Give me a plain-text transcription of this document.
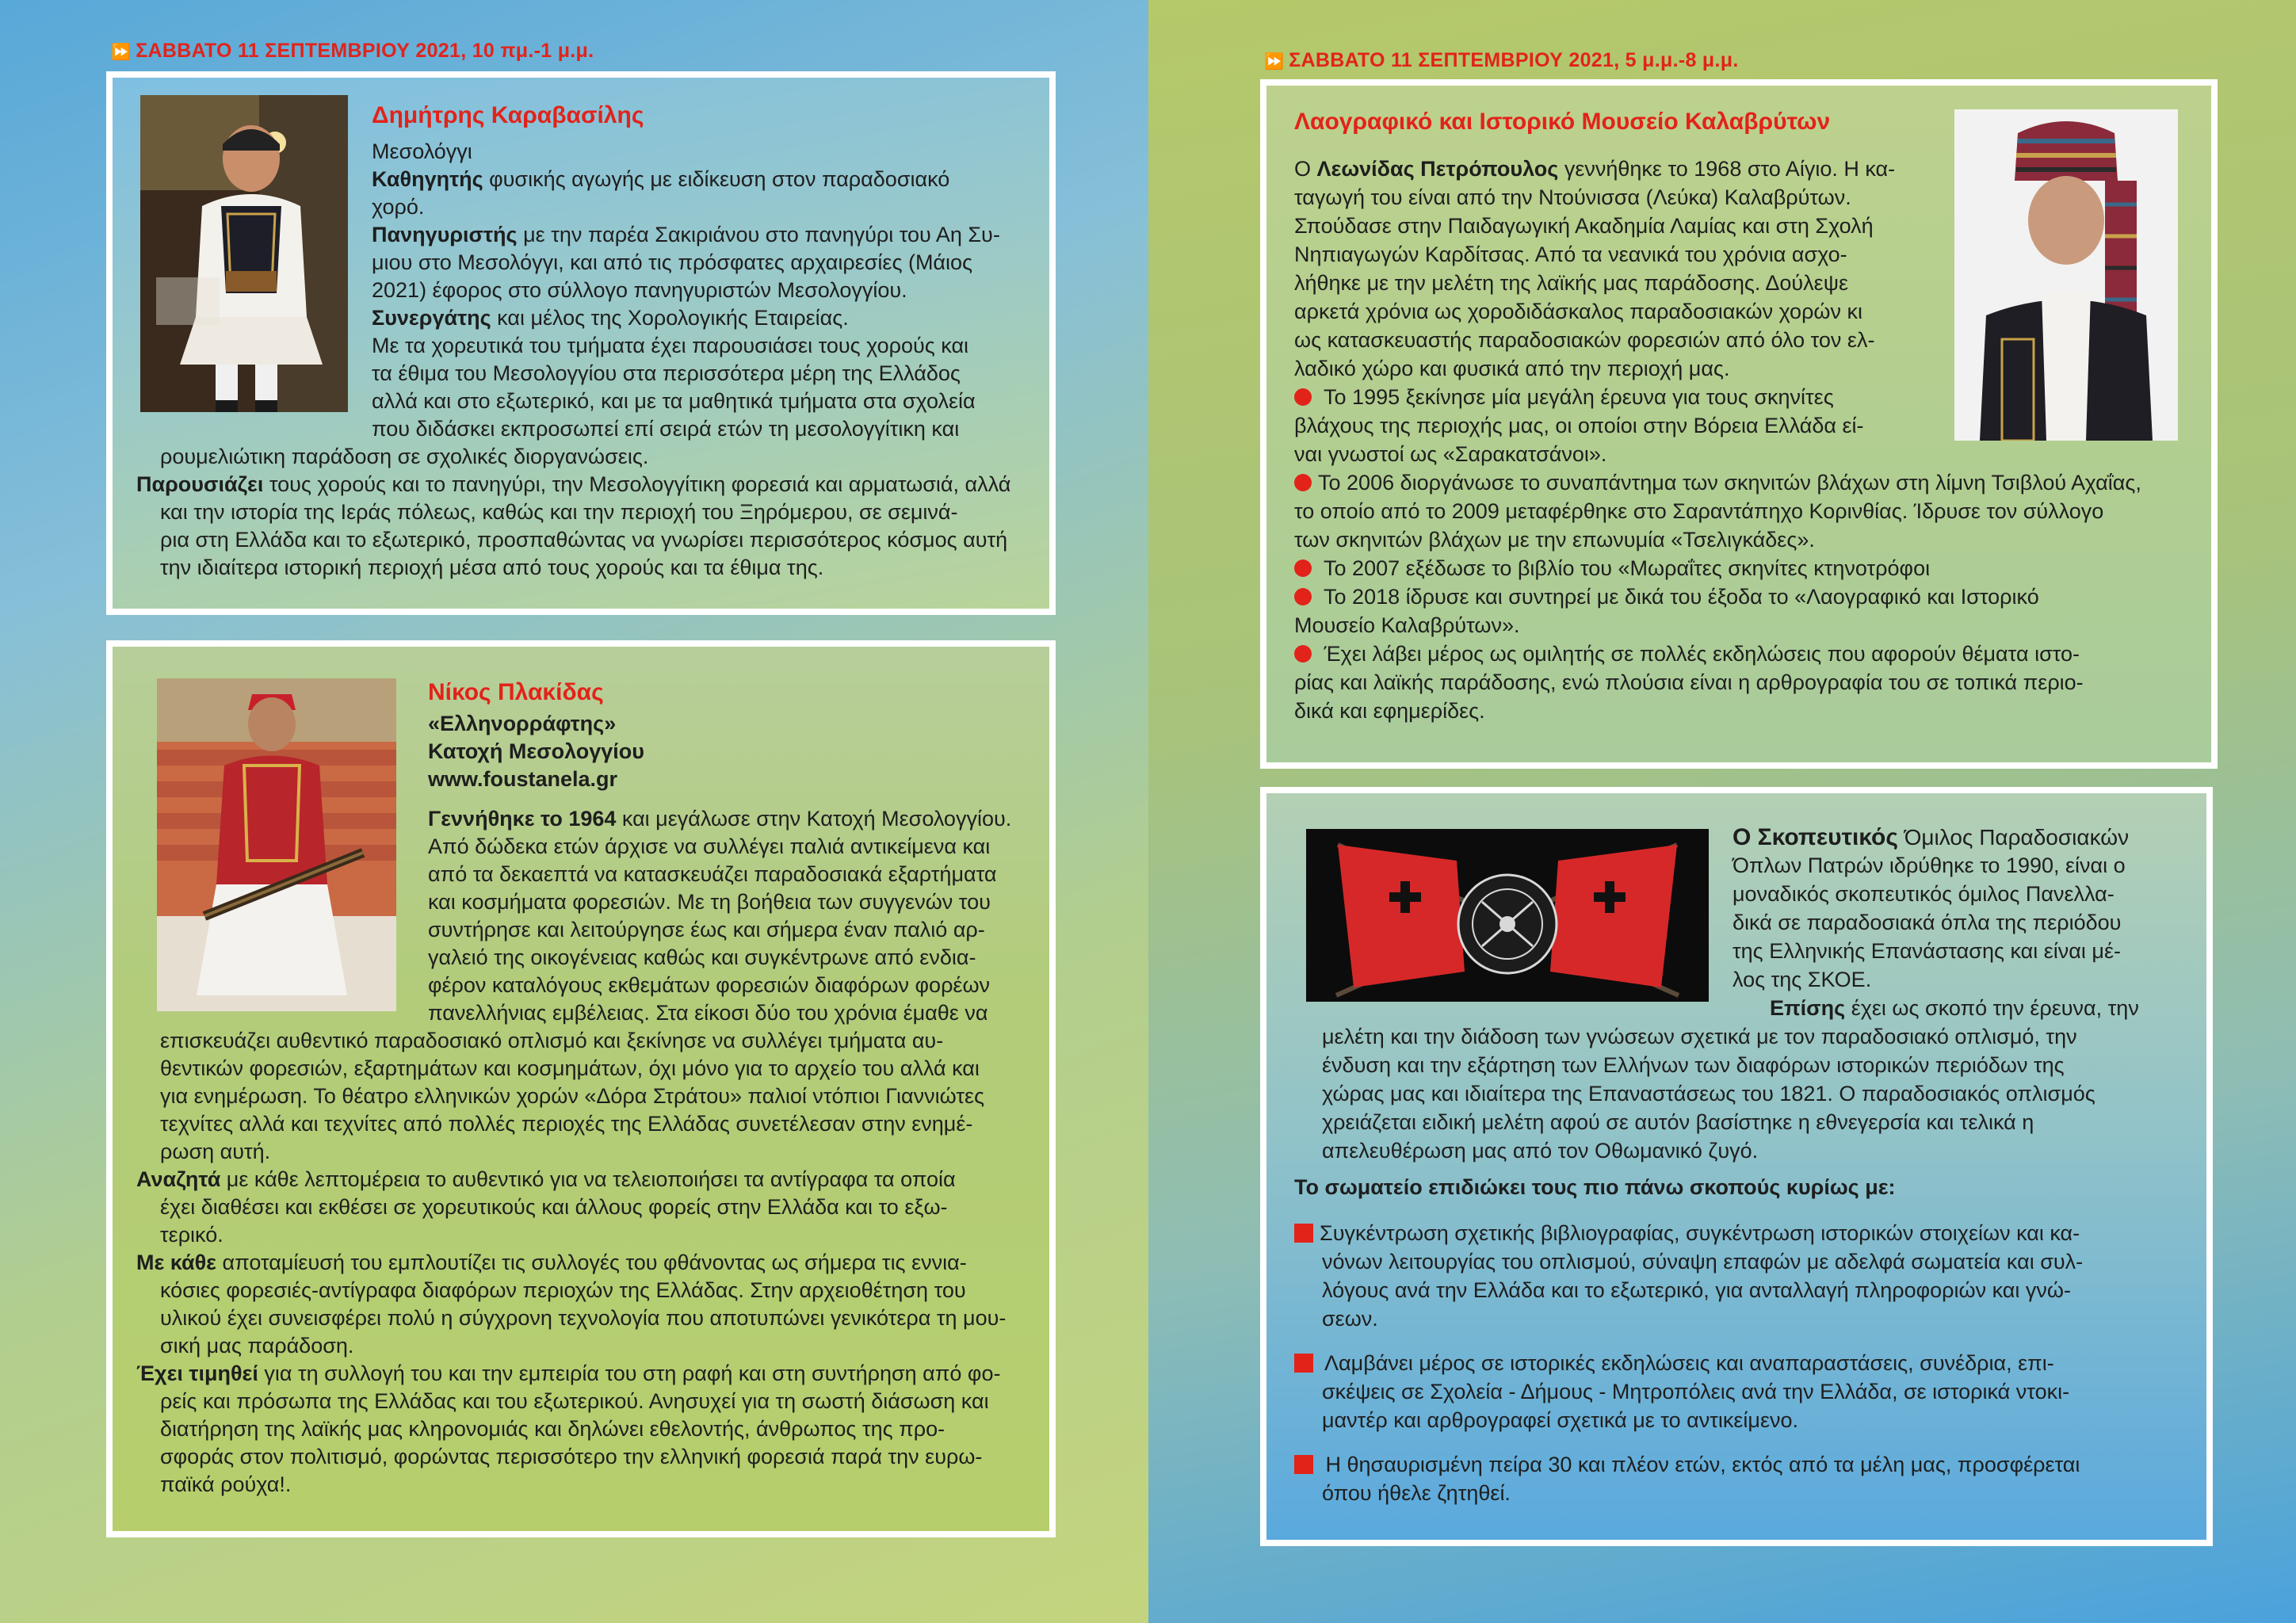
⏩ ΣΑΒΒΑΤΟ 11 ΣΕΠΤΕΜΒΡΙΟΥ 2021, 10 πμ.-1 μ.μ.	⏩ ΣΑΒΒΑΤΟ 11 ΣΕΠΤΕΜΒΡΙΟΥ 2021, 5 μ.μ.-8 μ.μ.
Δημήτρης Καραβασίλης
Μεσολόγγι
Καθηγητής φυσικής αγωγής με ειδίκευση στον παραδοσιακό
χορό.
Πανηγυριστής με την παρέα Σακιριάνου στο πανηγύρι του Αη Συ-
μιου στο Μεσολόγγι, και από τις πρόσφατες αρχαιρεσίες (Μάιος
2021) έφορος στο σύλλογο πανηγυριστών Μεσολογγίου.
Συνεργάτης και μέλος της Χορολογικής Εταιρείας.
Με τα χορευτικά του τμήματα έχει παρουσιάσει τους χορούς και
τα έθιμα του Μεσολογγίου στα περισσότερα μέρη της Ελλάδος
αλλά και στο εξωτερικό, και με τα μαθητικά τμήματα στα σχολεία
που διδάσκει εκπροσωπεί επί σειρά ετών τη μεσολογγίτικη και
ρουμελιώτικη παράδοση σε σχολικές διοργανώσεις.
Παρουσιάζει τους χορούς και το πανηγύρι, την Μεσολογγίτικη φορεσιά και αρματωσιά, αλλά
και την ιστορία της Ιεράς πόλεως, καθώς και την περιοχή του Ξηρόμερου, σε σεμινά-
ρια στη Ελλάδα και το εξωτερικό, προσπαθώντας να γνωρίσει περισσότερος κόσμος αυτή
την ιδιαίτερα ιστορική περιοχή μέσα από τους χορούς και τα έθιμα της.
Νίκος Πλακίδας
«Ελληνορράφτης»
Κατοχή Μεσολογγίου
www.foustanela.gr
Γεννήθηκε το 1964 και μεγάλωσε στην Κατοχή Μεσολογγίου.
Από δώδεκα ετών άρχισε να συλλέγει παλιά αντικείμενα και
από τα δεκαεπτά να κατασκευάζει παραδοσιακά εξαρτήματα
και κοσμήματα φορεσιών. Με τη βοήθεια των συγγενών του
συντήρησε και λειτούργησε έως και σήμερα έναν παλιό αρ-
γαλειό της οικογένειας καθώς και συγκέντρωνε από ενδια-
φέρον καταλόγους εκθεμάτων φορεσιών διαφόρων φορέων
πανελλήνιας εμβέλειας. Στα είκοσι δύο του χρόνια έμαθε να
επισκευάζει αυθεντικό παραδοσιακό οπλισμό και ξεκίνησε να συλλέγει τμήματα αυ-
θεντικών φορεσιών, εξαρτημάτων και κοσμημάτων, όχι μόνο για το αρχείο του αλλά και
για ενημέρωση. Το θέατρο ελληνικών χορών «Δόρα Στράτου» παλιοί ντόπιοι Γιαννιώτες
τεχνίτες αλλά και τεχνίτες από πολλές περιοχές της Ελλάδας συνετέλεσαν στην ενημέ-
ρωση αυτή.
Αναζητά με κάθε λεπτομέρεια το αυθεντικό για να τελειοποιήσει τα αντίγραφα τα οποία
έχει διαθέσει και εκθέσει σε χορευτικούς και άλλους φορείς στην Ελλάδα και το εξω-
τερικό.
Με κάθε αποταμίευσή του εμπλουτίζει τις συλλογές του φθάνοντας ως σήμερα τις εννια-
κόσιες φορεσιές-αντίγραφα διαφόρων περιοχών της Ελλάδας. Στην αρχειοθέτηση του
υλικού έχει συνεισφέρει πολύ η σύγχρονη τεχνολογία που αποτυπώνει γενικότερα τη μου-
σική μας παράδοση.
Έχει τιμηθεί για τη συλλογή του και την εμπειρία του στη ραφή και στη συντήρηση από φο-
ρείς και πρόσωπα της Ελλάδας και του εξωτερικού. Ανησυχεί για τη σωστή διάσωση και
διατήρηση της λαϊκής μας κληρονομιάς και δηλώνει εθελοντής, άνθρωπος της προ-
σφοράς στον πολιτισμό, φορώντας περισσότερο την ελληνική φορεσιά παρά την ευρω-
παϊκά ρούχα!.
Λαογραφικό και Ιστορικό Μουσείο Καλαβρύτων
Ο Λεωνίδας Πετρόπουλος γεννήθηκε το 1968 στο Αίγιο. Η κα-
ταγωγή του είναι από την Ντούνισσα (Λεύκα) Καλαβρύτων.
Σπούδασε στην Παιδαγωγική Ακαδημία Λαμίας και στη Σχολή
Νηπιαγωγών Καρδίτσας. Από τα νεανικά του χρόνια ασχο-
λήθηκε με την μελέτη της λαϊκής μας παράδοσης. Δούλεψε
αρκετά χρόνια ως χοροδιδάσκαλος παραδοσιακών χορών κι
ως κατασκευαστής παραδοσιακών φορεσιών από όλο τον ελ-
λαδικό χώρο και φυσικά από την περιοχή μας.
Το 1995 ξεκίνησε μία μεγάλη έρευνα για τους σκηνίτες
βλάχους της περιοχής μας, οι οποίοι στην Βόρεια Ελλάδα εί-
ναι γνωστοί ως «Σαρακατσάνοι».
Το 2006 διοργάνωσε το συναπάντημα των σκηνιτών βλάχων στη λίμνη Τσιβλού Αχαΐας,
το οποίο από το 2009 μεταφέρθηκε στο Σαραντάπηχο Κορινθίας. Ίδρυσε τον σύλλογο
των σκηνιτών βλάχων με την επωνυμία «Τσελιγκάδες».
Το 2007 εξέδωσε το βιβλίο του «Μωραΐτες σκηνίτες κτηνοτρόφοι
Το 2018 ίδρυσε και συντηρεί με δικά του έξοδα το «Λαογραφικό και Ιστορικό
Μουσείο Καλαβρύτων».
Έχει λάβει μέρος ως ομιλητής σε πολλές εκδηλώσεις που αφορούν θέματα ιστο-
ρίας και λαϊκής παράδοσης, ενώ πλούσια είναι η αρθρογραφία του σε τοπικά περιο-
δικά και εφημερίδες.
Ο Σκοπευτικός Όμιλος Παραδοσιακών
Όπλων Πατρών ιδρύθηκε το 1990, είναι ο
μοναδικός σκοπευτικός όμιλος Πανελλα-
δικά σε παραδοσιακά όπλα της περιόδου
της Ελληνικής Επανάστασης και είναι μέ-
λος της ΣΚΟΕ.
Επίσης έχει ως σκοπό την έρευνα, την
μελέτη και την διάδοση των γνώσεων σχετικά με τον παραδοσιακό οπλισμό, την
ένδυση και την εξάρτηση των Ελλήνων των διαφόρων ιστορικών περιόδων της
χώρας μας και ιδιαίτερα της Επαναστάσεως του 1821. Ο παραδοσιακός οπλισμός
χρειάζεται ειδική μελέτη αφού σε αυτόν βασίστηκε η εθνεγερσία και τελικά η
απελευθέρωση μας από τον Οθωμανικό ζυγό.
Το σωματείο επιδιώκει τους πιο πάνω σκοπούς κυρίως με:
Συγκέντρωση σχετικής βιβλιογραφίας, συγκέντρωση ιστορικών στοιχείων και κα-
νόνων λειτουργίας του οπλισμού, σύναψη επαφών με αδελφά σωματεία και συλ-
λόγους ανά την Ελλάδα και το εξωτερικό, για ανταλλαγή πληροφοριών και γνώ-
σεων.
Λαμβάνει μέρος σε ιστορικές εκδηλώσεις και αναπαραστάσεις, συνέδρια, επι-
σκέψεις σε Σχολεία - Δήμους - Μητροπόλεις ανά την Ελλάδα, σε ιστορικά ντοκι-
μαντέρ και αρθρογραφεί σχετικά με το αντικείμενο.
Η θησαυρισμένη πείρα 30 και πλέον ετών, εκτός από τα μέλη μας, προσφέρεται
όπου ήθελε ζητηθεί.
